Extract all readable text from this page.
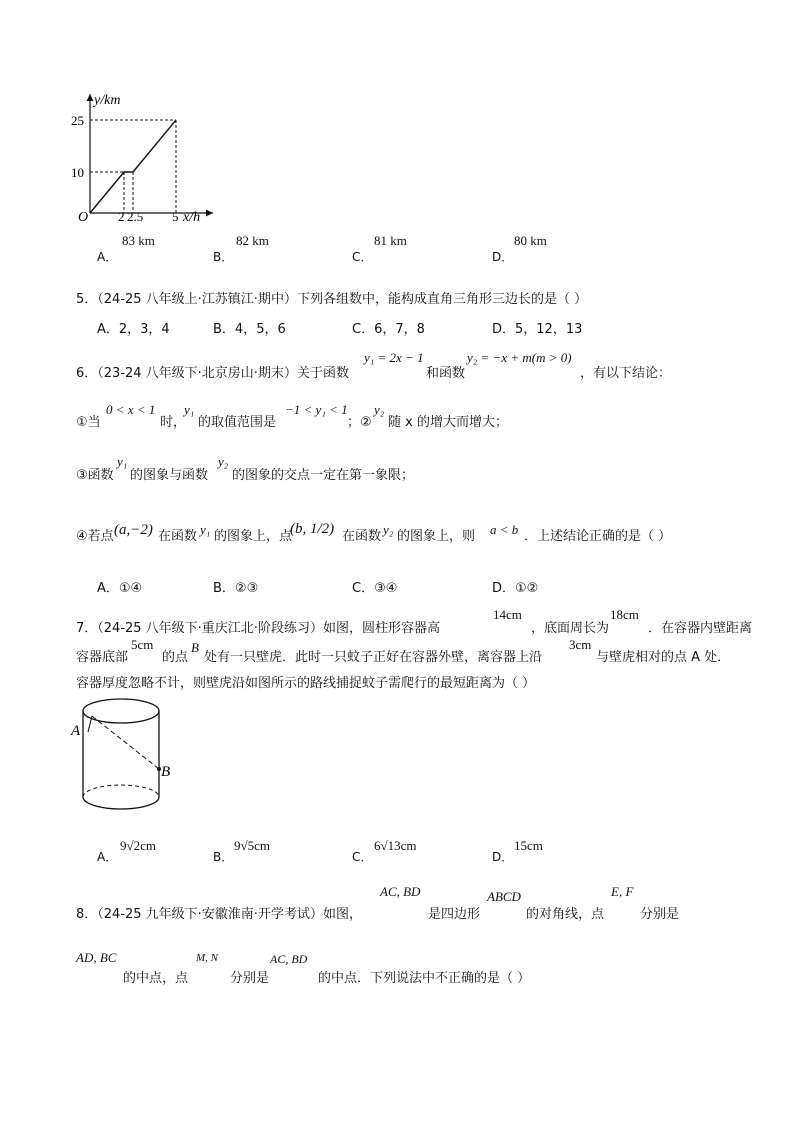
y/km
x/h
O
25
10
2 2.5 5
A．
83 km
B．
82 km
C．
81 km
D．
80 km
5．（24-25 八年级上·江苏镇江·期中）下列各组数中，能构成直角三角形三边长的是（ ）
A．2，3，4	B．4，5，6	C．6，7，8	D．5，12，13
6．（23-24 八年级下·北京房山·期末）关于函数
y₁ = 2x − 1
和函数
y₂ = −x + m(m > 0)
，有以下结论：
①当
0 < x < 1
时，
y₁
的取值范围是
−1 < y₁ < 1
；②
y₂
随 x 的增大而增大；
③函数
y₁
的图象与函数
y₂
的图象的交点一定在第一象限；
④若点 (a,−2) 在函数 y₁ 的图象上，点
(b, 1/2) 在函数 y₂ 的图象上，则 a < b ．上述结论正确的是（ ）
A．①④	B．②③	C．③④	D．①②
7．（24-25 八年级下·重庆江北·阶段练习）如图，圆柱形容器高
14cm
，底面周长为
18cm
．在容器内壁距离
容器底部
5cm
的点
B
处有一只壁虎．此时一只蚊子正好在容器外壁，离容器上沿
3cm
与壁虎相对的点 A 处．
容器厚度忽略不计，则壁虎沿如图所示的路线捕捉蚊子需爬行的最短距离为（ ）
A
B
A．
9√2cm
B．
9√5cm
C．
6√13cm
D．
15cm
8．（24-25 九年级下·安徽淮南·开学考试）如图，
AC, BD
是四边形
ABCD
的对角线，点
E, F
分别是
AD, BC
的中点，点
M, N
分别是
AC, BD
的中点．下列说法中不正确的是（ ）
